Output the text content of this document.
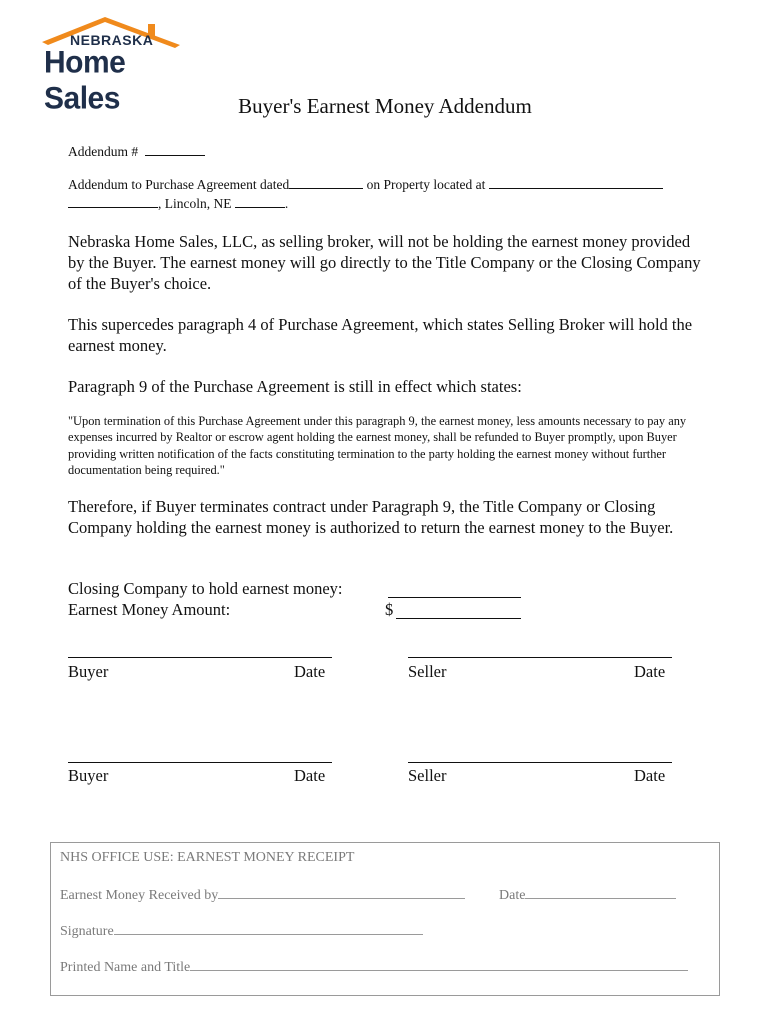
NEBRASKA
Home Sales	Buyer's Earnest Money Addendum
Addendum #
Addendum to Purchase Agreement dated	on Property located at
, Lincoln, NE	.
Nebraska Home Sales, LLC, as selling broker, will not be holding the earnest money provided by the Buyer. The earnest money will go directly to the Title Company or the Closing Company of the Buyer's choice.
This supercedes paragraph 4 of Purchase Agreement, which states Selling Broker will hold the earnest money.
Paragraph 9 of the Purchase Agreement is still in effect which states:
"Upon termination of this Purchase Agreement under this paragraph 9, the earnest money, less amounts necessary to pay any expenses incurred by Realtor or escrow agent holding the earnest money, shall be refunded to Buyer promptly, upon Buyer providing written notification of the facts constituting termination to the party holding the earnest money without further documentation being required."
Therefore, if Buyer terminates contract under Paragraph 9, the Title Company or Closing Company holding the earnest money is authorized to return the earnest money to the Buyer.
Closing Company to hold earnest money:
Earnest Money Amount:	$
Buyer	Date	Seller	Date
Buyer	Date	Seller	Date
NHS OFFICE USE: EARNEST MONEY RECEIPT
Earnest Money Received by	Date
Signature
Printed Name and Title
